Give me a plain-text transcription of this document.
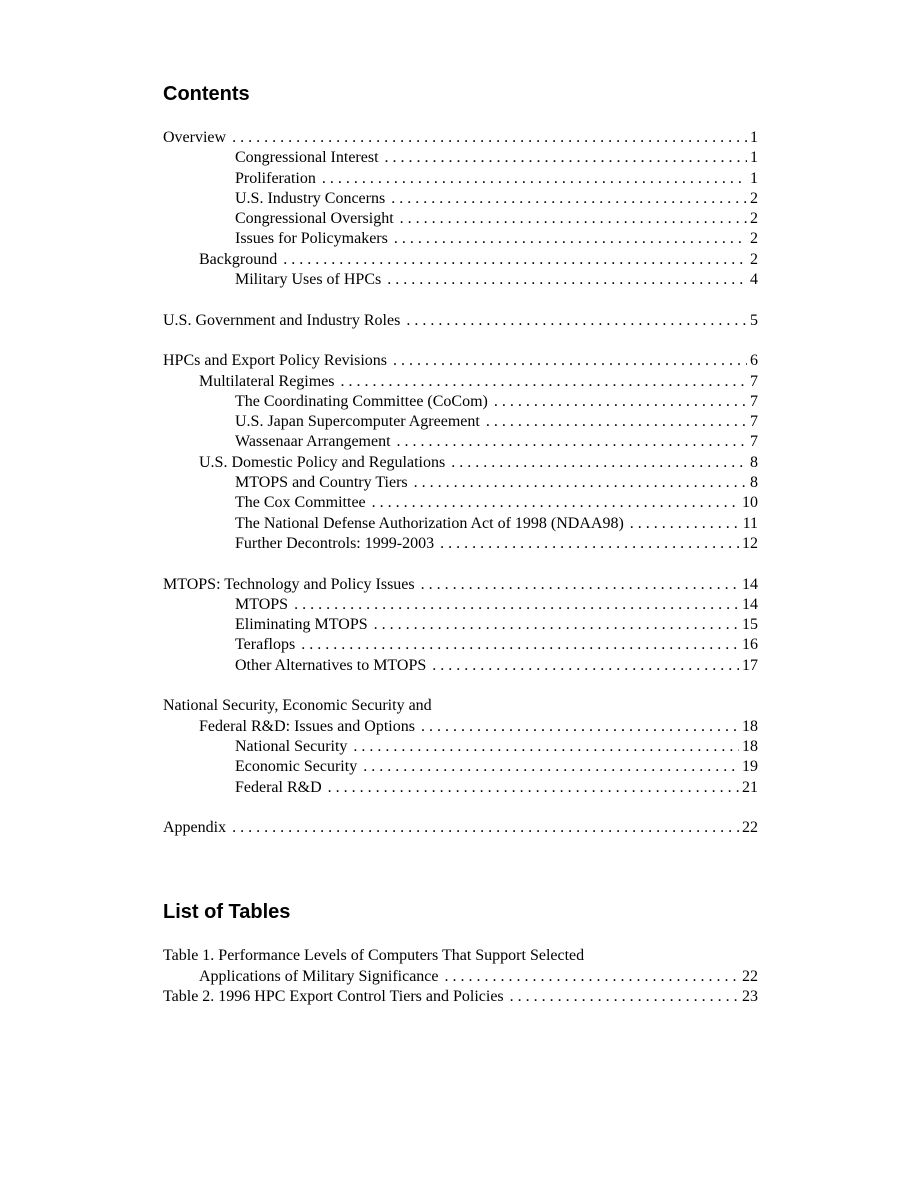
Contents
Overview . . .	1
Congressional Interest . . .	1
Proliferation . . .	1
U.S. Industry Concerns . . .	2
Congressional Oversight . . .	2
Issues for Policymakers . . .	2
Background . . .	2
Military Uses of HPCs . . .	4
U.S. Government and Industry Roles . . .	5
HPCs and Export Policy Revisions . . .	6
Multilateral Regimes . . .	7
The Coordinating Committee (CoCom) . . .	7
U.S. Japan Supercomputer Agreement . . .	7
Wassenaar Arrangement . . .	7
U.S. Domestic Policy and Regulations . . .	8
MTOPS and Country Tiers . . .	8
The Cox Committee . . .	10
The National Defense Authorization Act of 1998 (NDAA98) . . .	11
Further Decontrols: 1999-2003 . . .	12
MTOPS: Technology and Policy Issues . . .	14
MTOPS . . .	14
Eliminating MTOPS . . .	15
Teraflops . . .	16
Other Alternatives to MTOPS . . .	17
National Security, Economic Security and
Federal R&D: Issues and Options . . .	18
National Security . . .	18
Economic Security . . .	19
Federal R&D . . .	21
Appendix . . .	22
List of Tables
Table 1. Performance Levels of Computers That Support Selected
Applications of Military Significance . . .	22
Table 2. 1996 HPC Export Control Tiers and Policies . . .	23
